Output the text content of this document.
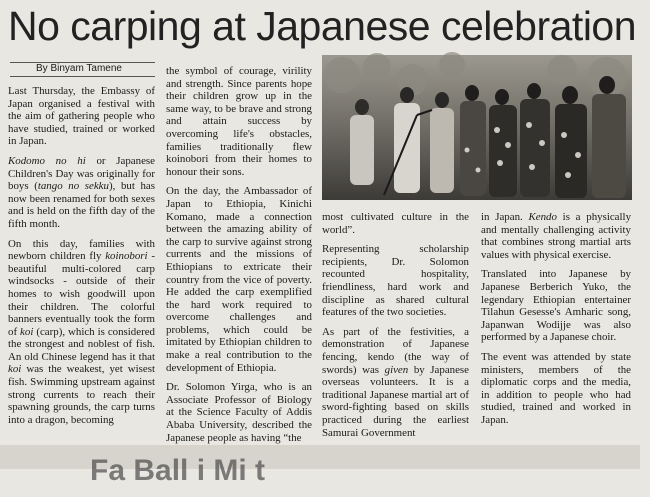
No carping at Japanese celebration
By Binyam Tamene

Last Thursday, the Embassy of Japan organised a festival with the aim of gathering people who have studied, trained or worked in Japan.

Kodomo no hi or Japanese Children's Day was originally for boys (tango no sekku), but has now been renamed for both sexes and is held on the fifth day of the fifth month.

On this day, families with newborn children fly koinobori - beautiful multi-colored carp windsocks - outside of their homes to wish goodwill upon their children. The colorful banners eventually took the form of koi (carp), which is considered the strongest and noblest of fish. An old Chinese legend has it that koi was the weakest, yet wisest fish. Swimming upstream against strong currents to reach their spawning grounds, the carp turns into a dragon, becoming

the symbol of courage, virility and strength. Since parents hope their children grow up in the same way, to be brave and strong and attain success by overcoming life's obstacles, families traditionally flew koinobori from their homes to honour their sons.

On the day, the Ambassador of Japan to Ethiopia, Kinichi Komano, made a connection between the amazing ability of the carp to survive against strong currents and the missions of Ethiopians to extricate their country from the vice of poverty. He added the carp exemplified the hard work required to overcome challenges and problems, which could be imitated by Ethiopian children to make a real contribution to the development of Ethiopia.

Dr. Solomon Yirga, who is an Associate Professor of Biology at the Science Faculty of Addis Ababa University, described the Japanese people as having “the

most cultivated culture in the world”.

Representing scholarship recipients, Dr. Solomon recounted hospitality, friendliness, hard work and discipline as shared cultural features of the two societies.

As part of the festivities, a demonstration of Japanese fencing, kendo (the way of swords) was given by Japanese overseas volunteers. It is a traditional Japanese martial art of sword-fighting based on skills practiced during the earliest Samurai Government

in Japan. Kendo is a physically and mentally challenging activity that combines strong martial arts values with physical exercise.

Translated into Japanese by Japanese Berberich Yuko, the legendary Ethiopian entertainer Tilahun Gesesse's Amharic song, Japanwan Wodijje was also performed by a Japanese choir.

The event was attended by state ministers, members of the diplomatic corps and the media, in addition to people who had studied, trained and worked in Japan.

Fa Ball i Mi t
